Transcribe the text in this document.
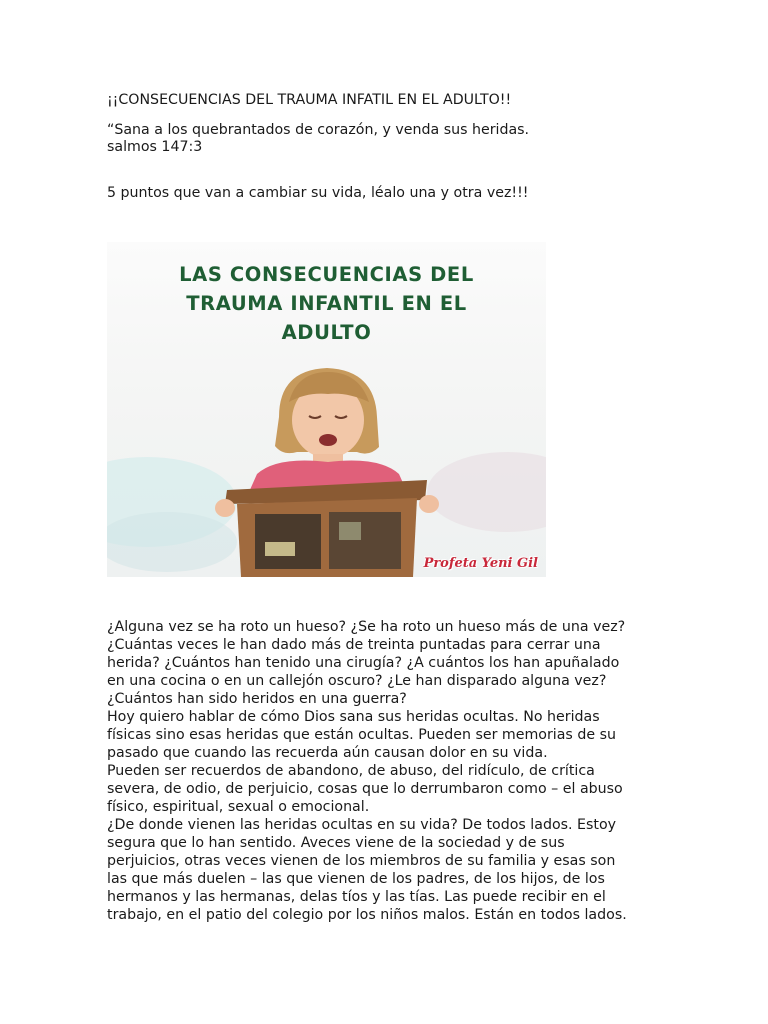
¡¡CONSECUENCIAS DEL TRAUMA INFATIL EN EL ADULTO!!

“Sana a los quebrantados de corazón, y venda sus heridas.

salmos 147:3

5 puntos que van a cambiar su vida, léalo una y otra vez!!!

LAS CONSECUENCIAS DEL
TRAUMA INFANTIL EN EL
ADULTO
Profeta Yeni Gil

¿Alguna vez se ha roto un hueso? ¿Se ha roto un hueso más de una vez?

¿Cuántas veces le han dado más de treinta puntadas para cerrar una

herida? ¿Cuántos han tenido una cirugía? ¿A cuántos los han apuñalado

en una cocina o en un callejón oscuro? ¿Le han disparado alguna vez?

¿Cuántos han sido heridos en una guerra?

Hoy quiero hablar de cómo Dios sana sus heridas ocultas. No heridas

físicas sino esas heridas que están ocultas. Pueden ser memorias de su

pasado que cuando las recuerda aún causan dolor en su vida.

Pueden ser recuerdos de abandono, de abuso, del ridículo, de crítica

severa, de odio, de perjuicio, cosas que lo derrumbaron como – el abuso

físico, espiritual, sexual o emocional.

¿De donde vienen las heridas ocultas en su vida? De todos lados. Estoy

segura que lo han sentido. Aveces viene de la sociedad y de sus

perjuicios, otras veces vienen de los miembros de su familia y esas son

las que más duelen – las que vienen de los padres, de los hijos, de los

hermanos y las hermanas, delas tíos y las tías. Las puede recibir en el

trabajo, en el patio del colegio por los niños malos. Están en todos lados.
